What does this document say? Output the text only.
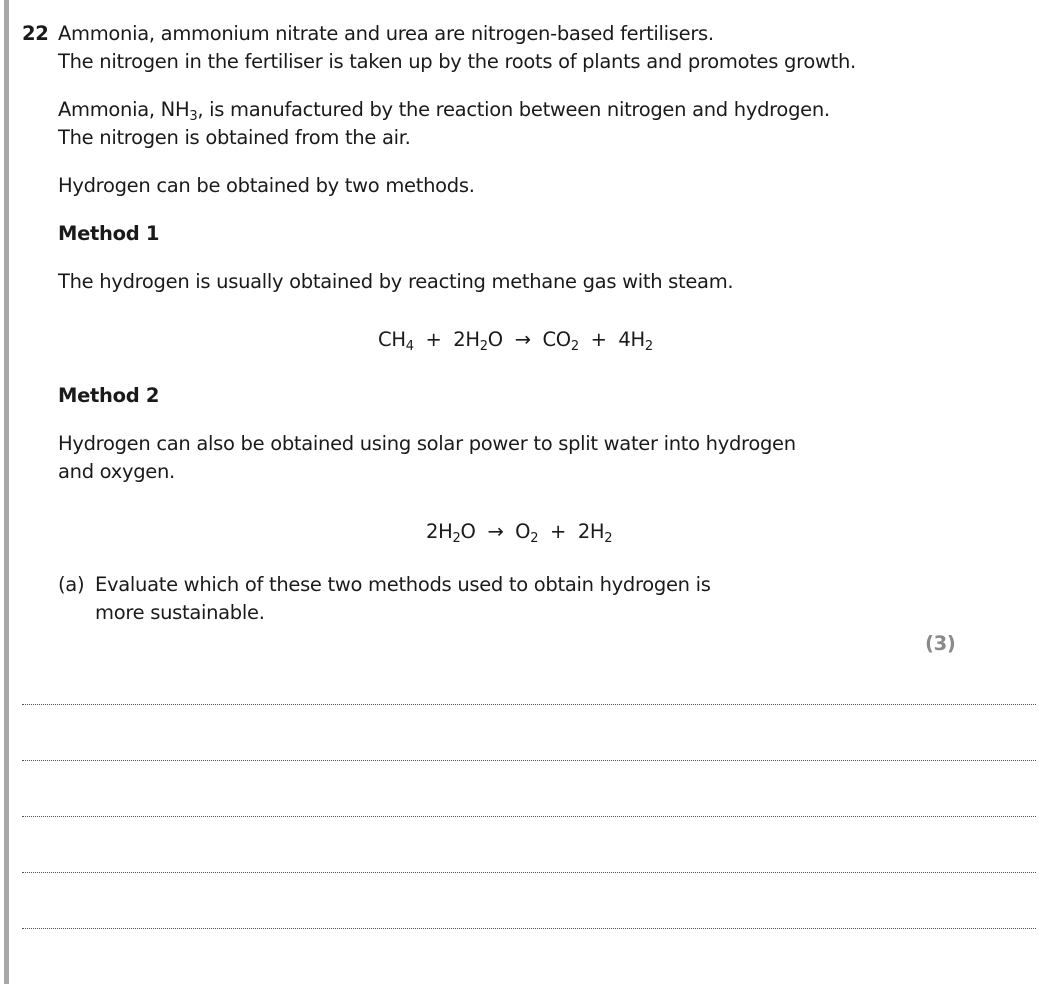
22 Ammonia, ammonium nitrate and urea are nitrogen-based fertilisers.
The nitrogen in the fertiliser is taken up by the roots of plants and promotes growth.
Ammonia, $NH_3$, is manufactured by the reaction between nitrogen and hydrogen.
The nitrogen is obtained from the air.
Hydrogen can be obtained by two methods.
Method 1
The hydrogen is usually obtained by reacting methane gas with steam.
$CH_4 + 2H_2O \to CO_2 + 4H_2$
Method 2
Hydrogen can also be obtained using solar power to split water into hydrogen
and oxygen.
$2H_2O \to O_2 + 2H_2$
(a) Evaluate which of these two methods used to obtain hydrogen is
more sustainable.
(3)
